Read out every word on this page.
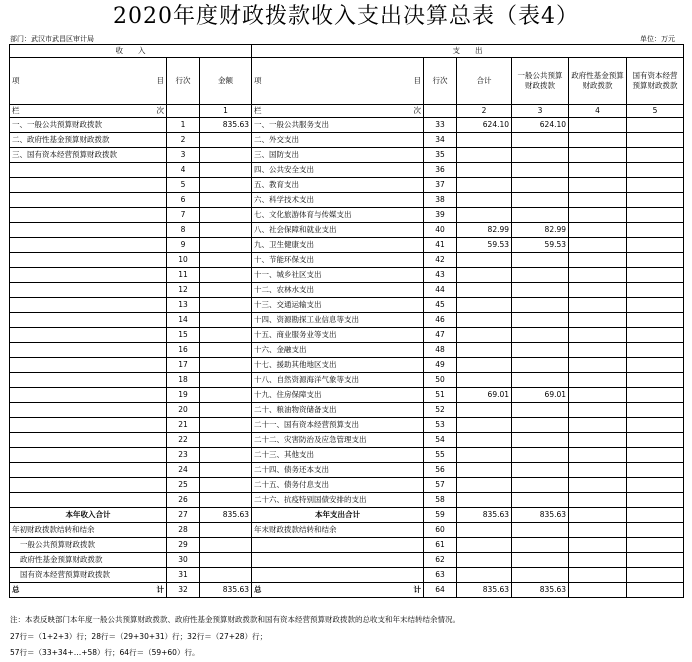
2020年度财政拨款收入支出决算总表（表4）
部门：武汉市武昌区审计局	单位：万元
收　　入			支　　出					

项 目	行次	金额	项 目	行次	合计	一般公共预算财政拨款	政府性基金预算财政拨款	国有资本经营预算财政拨款

栏 次		1	栏 次		2	3	4	5
一、一般公共预算财政拨款	1	835.63	一、一般公共服务支出	33	624.10	624.10		
二、政府性基金预算财政拨款	2		二、外交支出	34				
三、国有资本经营预算财政拨款	3		三、国防支出	35				
	4		四、公共安全支出	36				
	5		五、教育支出	37				
	6		六、科学技术支出	38				
	7		七、文化旅游体育与传媒支出	39				
	8		八、社会保障和就业支出	40	82.99	82.99		
	9		九、卫生健康支出	41	59.53	59.53		
	10		十、节能环保支出	42				
	11		十一、城乡社区支出	43				
	12		十二、农林水支出	44				
	13		十三、交通运输支出	45				
	14		十四、资源勘探工业信息等支出	46				
	15		十五、商业服务业等支出	47				
	16		十六、金融支出	48				
	17		十七、援助其他地区支出	49				
	18		十八、自然资源海洋气象等支出	50				
	19		十九、住房保障支出	51	69.01	69.01		
	20		二十、粮油物资储备支出	52				
	21		二十一、国有资本经营预算支出	53				
	22		二十二、灾害防治及应急管理支出	54				
	23		二十三、其他支出	55				
	24		二十四、债务还本支出	56				
	25		二十五、债务付息支出	57				
	26		二十六、抗疫特别国债安排的支出	58				
本年收入合计	27	835.63	本年支出合计	59	835.63	835.63		
年初财政拨款结转和结余	28		年末财政拨款结转和结余	60				
一般公共预算财政拨款	29			61				
政府性基金预算财政拨款	30			62				
国有资本经营预算财政拨款	31			63				

总 计	32	835.63	总 计	64	835.63	835.63		
注：本表反映部门本年度一般公共预算财政拨款、政府性基金预算财政拨款和国有资本经营预算财政拨款的总收支和年末结转结余情况。
27行＝（1+2+3）行；28行＝（29+30+31）行；32行＝（27+28）行；
57行＝（33+34+…+58）行；64行＝（59+60）行。
